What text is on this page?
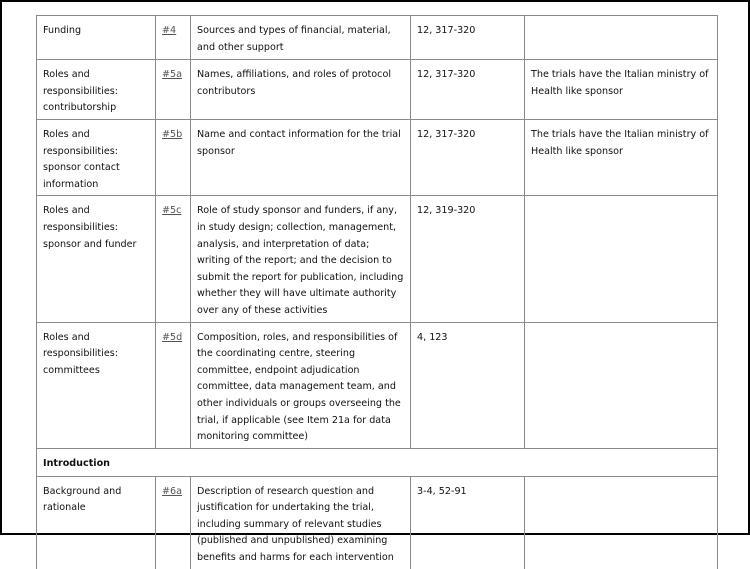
Funding	#4	Sources and types of financial, material, and other support	12, 317-320	
Roles and responsibilities: contributorship	#5a	Names, affiliations, and roles of protocol contributors	12, 317-320	The trials have the Italian ministry of Health like sponsor
Roles and responsibilities: sponsor contact information	#5b	Name and contact information for the trial sponsor	12, 317-320	The trials have the Italian ministry of Health like sponsor
Roles and responsibilities: sponsor and funder	#5c	Role of study sponsor and funders, if any, in study design; collection, management, analysis, and interpretation of data; writing of the report; and the decision to submit the report for publication, including whether they will have ultimate authority over any of these activities	12, 319-320	
Roles and responsibilities: committees	#5d	Composition, roles, and responsibilities of the coordinating centre, steering committee, endpoint adjudication committee, data management team, and other individuals or groups overseeing the trial, if applicable (see Item 21a for data monitoring committee)	4, 123	
Introduction				
Background and rationale	#6a	Description of research question and justification for undertaking the trial, including summary of relevant studies (published and unpublished) examining benefits and harms for each intervention	3-4, 52-91	
